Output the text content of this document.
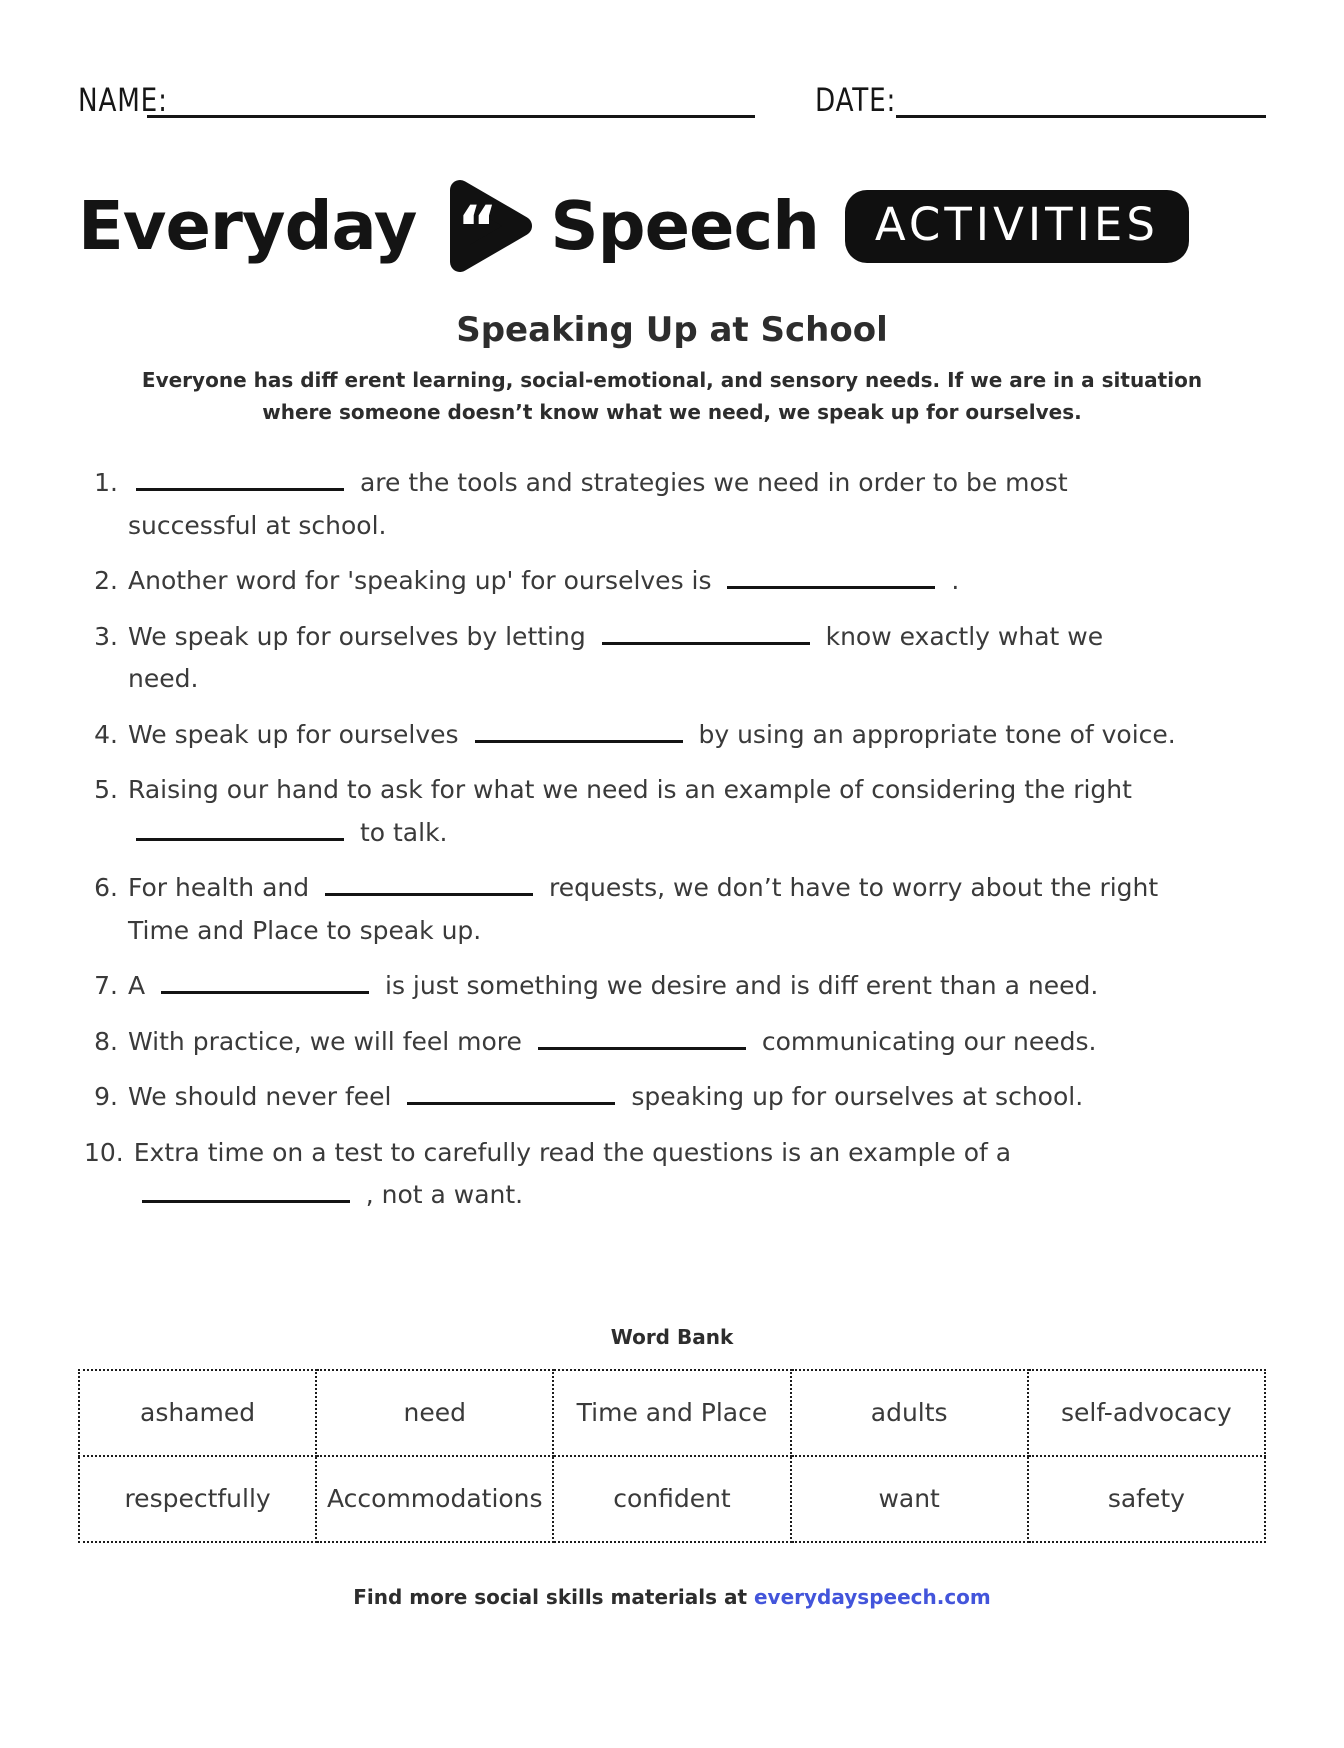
NAME:	DATE:
Everyday “ Speech	ACTIVITIES
Speaking Up at School
Everyone has diff erent learning, social-emotional, and sensory needs. If we are in a situation where someone doesn’t know what we need, we speak up for ourselves.
1.	are the tools and strategies we need in order to be most successful at school.
2. Another word for 'speaking up' for ourselves is	.
3. We speak up for ourselves by letting	know exactly what we need.
4. We speak up for ourselves	by using an appropriate tone of voice.
5. Raising our hand to ask for what we need is an example of considering the right  to talk.
6. For health and	requests, we don’t have to worry about the right Time and Place to speak up.
7. A	is just something we desire and is diff erent than a need.
8. With practice, we will feel more	communicating our needs.
9. We should never feel	speaking up for ourselves at school.
10. Extra time on a test to carefully read the questions is an example of a  , not a want.
Word Bank
ashamed	need	Time and Place	adults	self-advocacy
respectfully	Accommodations	confident	want	safety
Find more social skills materials at everydayspeech.com
